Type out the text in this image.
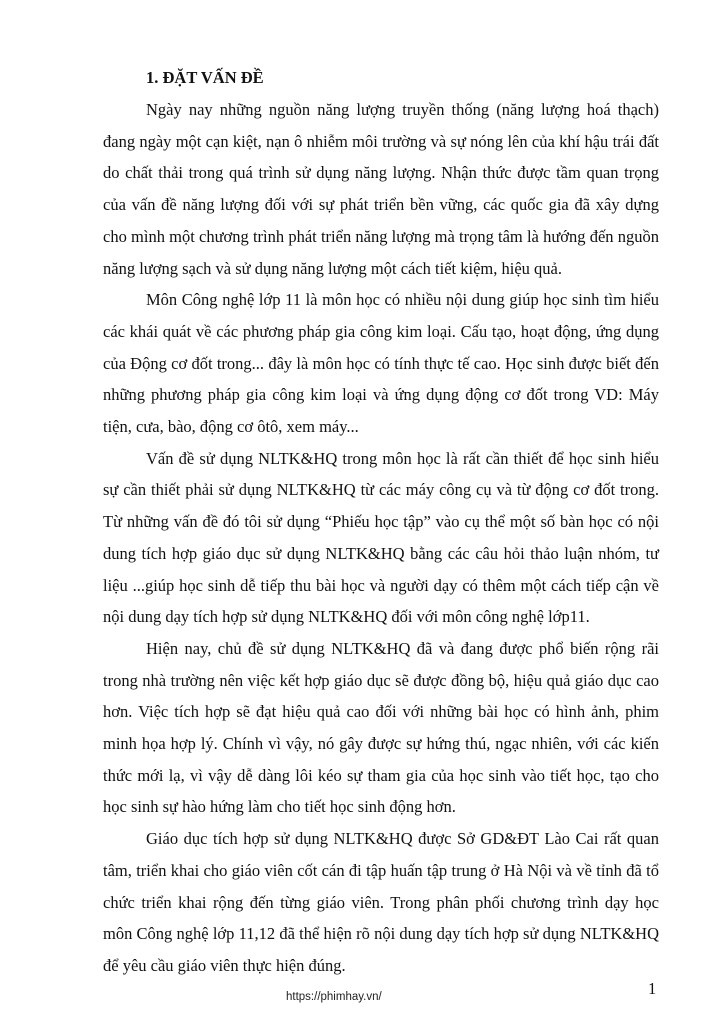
1. ĐẶT VẤN ĐỀ

Ngày nay những nguồn năng lượng truyền thống (năng lượng hoá thạch) đang ngày một cạn kiệt, nạn ô nhiễm môi trường và sự nóng lên của khí hậu trái đất do chất thải trong quá trình sử dụng năng lượng. Nhận thức được tầm quan trọng của vấn đề năng lượng đối với sự phát triển bền vững, các quốc gia đã xây dựng cho mình một chương trình phát triển năng lượng mà trọng tâm là hướng đến nguồn năng lượng sạch và sử dụng năng lượng một cách tiết kiệm, hiệu quả.

Môn Công nghệ lớp 11 là môn học có nhiều nội dung giúp học sinh tìm hiểu các khái quát về các phương pháp gia công kim loại. Cấu tạo, hoạt động, ứng dụng của Động cơ đốt trong... đây là môn học có tính thực tế cao. Học sinh được biết đến những phương pháp gia công kim loại và ứng dụng động cơ đốt trong VD: Máy tiện, cưa, bào, động cơ ôtô, xem máy...

Vấn đề sử dụng NLTK&HQ trong môn học là rất cần thiết để học sinh hiểu sự cần thiết phải sử dụng NLTK&HQ từ các máy công cụ và từ động cơ đốt trong. Từ những vấn đề đó tôi sử dụng “Phiếu học tập” vào cụ thể một số bàn học có nội dung tích hợp giáo dục sử dụng NLTK&HQ bằng các câu hỏi thảo luận nhóm, tư liệu ...giúp học sinh dễ tiếp thu bài học và người dạy có thêm một cách tiếp cận về nội dung dạy tích hợp sử dụng NLTK&HQ đối với môn công nghệ lớp11.

Hiện nay, chủ đề sử dụng NLTK&HQ đã và đang được phổ biến rộng rãi trong nhà trường nên việc kết hợp giáo dục sẽ được đồng bộ, hiệu quả giáo dục cao hơn. Việc tích hợp sẽ đạt hiệu quả cao đối với những bài học có hình ảnh, phim minh họa hợp lý. Chính vì vậy, nó gây được sự hứng thú, ngạc nhiên, với các kiến thức mới lạ, vì vậy dễ dàng lôi kéo sự tham gia của học sinh vào tiết học, tạo cho học sinh sự hào hứng làm cho tiết học sinh động hơn.

Giáo dục tích hợp sử dụng NLTK&HQ được Sở GD&ĐT Lào Cai rất quan tâm, triển khai cho giáo viên cốt cán đi tập huấn tập trung ở Hà Nội và về tỉnh đã tổ chức triển khai rộng đến từng giáo viên. Trong phân phối chương trình dạy học môn Công nghệ lớp 11,12 đã thể hiện rõ nội dung dạy tích hợp sử dụng NLTK&HQ để yêu cầu giáo viên thực hiện đúng.

1
https://phimhay.vn/
